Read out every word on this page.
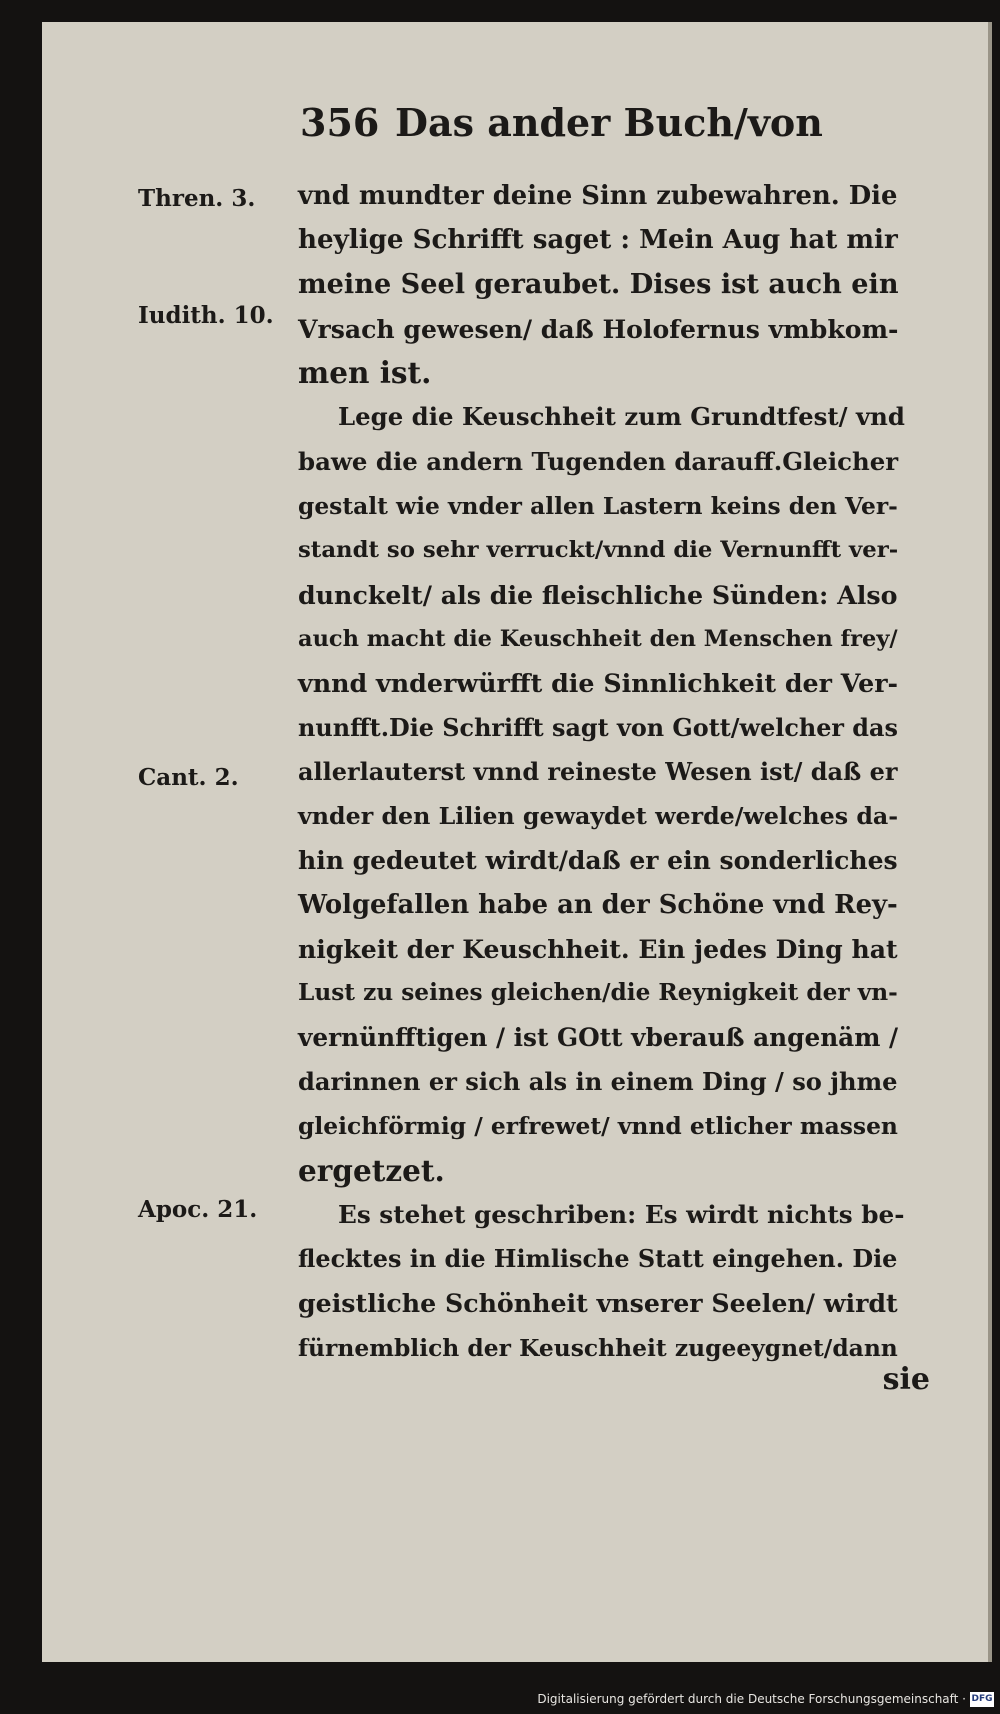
356 Das ander Buch/von
Thren. 3.
Iudith. 10.
Cant. 2.
Apoc. 21.
vnd mundter deine Sinn zubewahren. Die
heylige Schrifft saget : Mein Aug hat mir
meine Seel geraubet. Dises ist auch ein
Vrsach gewesen/ daß Holofernus vmbkom-
men ist.
Lege die Keuschheit zum Grundtfest/ vnd
bawe die andern Tugenden darauff.Gleicher
gestalt wie vnder allen Lastern keins den Ver-
standt so sehr verruckt/vnnd die Vernunfft ver-
dunckelt/ als die fleischliche Sünden: Also
auch macht die Keuschheit den Menschen frey/
vnnd vnderwürfft die Sinnlichkeit der Ver-
nunfft.Die Schrifft sagt von Gott/welcher das
allerlauterst vnnd reineste Wesen ist/ daß er
vnder den Lilien gewaydet werde/welches da-
hin gedeutet wirdt/daß er ein sonderliches
Wolgefallen habe an der Schöne vnd Rey-
nigkeit der Keuschheit. Ein jedes Ding hat
Lust zu seines gleichen/die Reynigkeit der vn-
vernünfftigen / ist GOtt vberauß angenäm /
darinnen er sich als in einem Ding / so jhme
gleichförmig / erfrewet/ vnnd etlicher massen
ergetzet.
Es stehet geschriben: Es wirdt nichts be-
flecktes in die Himlische Statt eingehen. Die
geistliche Schönheit vnserer Seelen/ wirdt
fürnemblich der Keuschheit zugeeygnet/dann
sie
Digitalisierung gefördert durch die Deutsche Forschungsgemeinschaft · DFG
